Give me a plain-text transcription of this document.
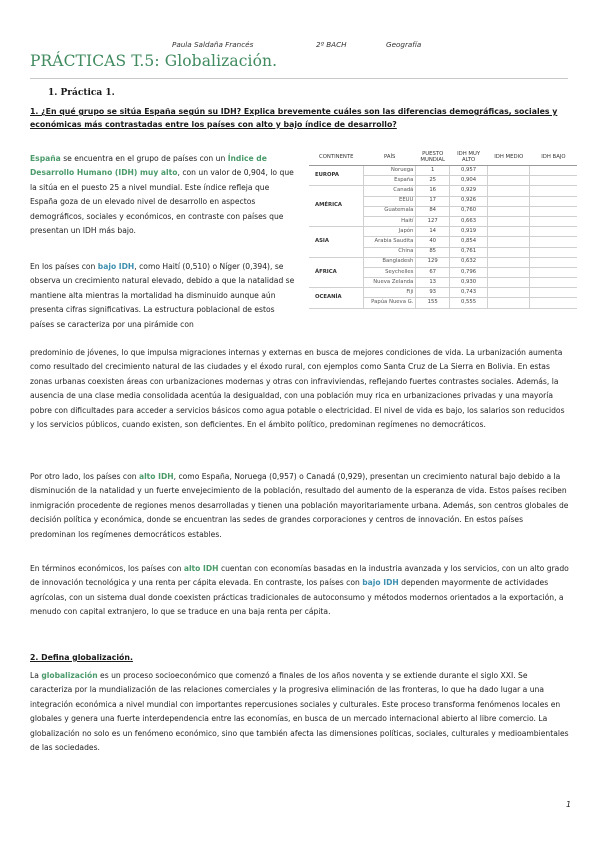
Paula Saldaña Francés	2º BACH	Geografía
PRÁCTICAS T.5: Globalización.
1. Práctica 1.
1. ¿En qué grupo se sitúa España según su IDH? Explica brevemente cuáles son las diferencias demográficas, sociales y económicas más contrastadas entre los países con alto y bajo índice de desarrollo?
España se encuentra en el grupo de países con un Índice de Desarrollo Humano (IDH) muy alto, con un valor de 0,904, lo que la sitúa en el puesto 25 a nivel mundial. Este índice refleja que España goza de un elevado nivel de desarrollo en aspectos demográficos, sociales y económicos, en contraste con países que presentan un IDH más bajo.
En los países con bajo IDH, como Haití (0,510) o Níger (0,394), se observa un crecimiento natural elevado, debido a que la natalidad se mantiene alta mientras la mortalidad ha disminuido aunque aún presenta cifras significativas. La estructura poblacional de estos países se caracteriza por una pirámide con
predominio de jóvenes, lo que impulsa migraciones internas y externas en busca de mejores condiciones de vida. La urbanización aumenta como resultado del crecimiento natural de las ciudades y el éxodo rural, con ejemplos como Santa Cruz de La Sierra en Bolivia. En estas zonas urbanas coexisten áreas con urbanizaciones modernas y otras con infraviviendas, reflejando fuertes contrastes sociales. Además, la ausencia de una clase media consolidada acentúa la desigualdad, con una población muy rica en urbanizaciones privadas y una mayoría pobre con dificultades para acceder a servicios básicos como agua potable o electricidad. El nivel de vida es bajo, los salarios son reducidos y los servicios públicos, cuando existen, son deficientes. En el ámbito político, predominan regímenes no democráticos.
Por otro lado, los países con alto IDH, como España, Noruega (0,957) o Canadá (0,929), presentan un crecimiento natural bajo debido a la disminución de la natalidad y un fuerte envejecimiento de la población, resultado del aumento de la esperanza de vida. Estos países reciben inmigración procedente de regiones menos desarrolladas y tienen una población mayoritariamente urbana. Además, son centros globales de decisión política y económica, donde se encuentran las sedes de grandes corporaciones y centros de innovación. En estos países predominan los regímenes democráticos estables.
En términos económicos, los países con alto IDH cuentan con economías basadas en la industria avanzada y los servicios, con un alto grado de innovación tecnológica y una renta per cápita elevada. En contraste, los países con bajo IDH dependen mayormente de actividades agrícolas, con un sistema dual donde coexisten prácticas tradicionales de autoconsumo y métodos modernos orientados a la exportación, a menudo con capital extranjero, lo que se traduce en una baja renta per cápita.
2. Defina globalización.
La globalización es un proceso socioeconómico que comenzó a finales de los años noventa y se extiende durante el siglo XXI. Se caracteriza por la mundialización de las relaciones comerciales y la progresiva eliminación de las fronteras, lo que ha dado lugar a una integración económica a nivel mundial con importantes repercusiones sociales y culturales. Este proceso transforma fenómenos locales en globales y genera una fuerte interdependencia entre las economías, en busca de un mercado internacional abierto al libre comercio. La globalización no solo es un fenómeno económico, sino que también afecta las dimensiones políticas, sociales, culturales y medioambientales de las sociedades.
CONTINENTE	PAÍS	PUESTO MUNDIAL	IDH MUY ALTO	IDH MEDIO	IDH BAJO
EUROPA	Noruega	1	0,957		
	España	25	0,904		
AMÉRICA	Canadá	16	0,929		
	EEUU	17	0,926		
	Guatemala	84	0,760		
	Haití	127	0,663		
ASIA	Japón	14	0,919		
	Arabia Saudita	40	0,854		
	China	85	0,761		
ÁFRICA	Bangladesh	129	0,632		
	Seychelles	67	0,796		
	Nueva Zelanda	13	0,930		
OCEANÍA	Fiji	93	0,743		
	Papúa Nueva G.	155	0,555		
1
